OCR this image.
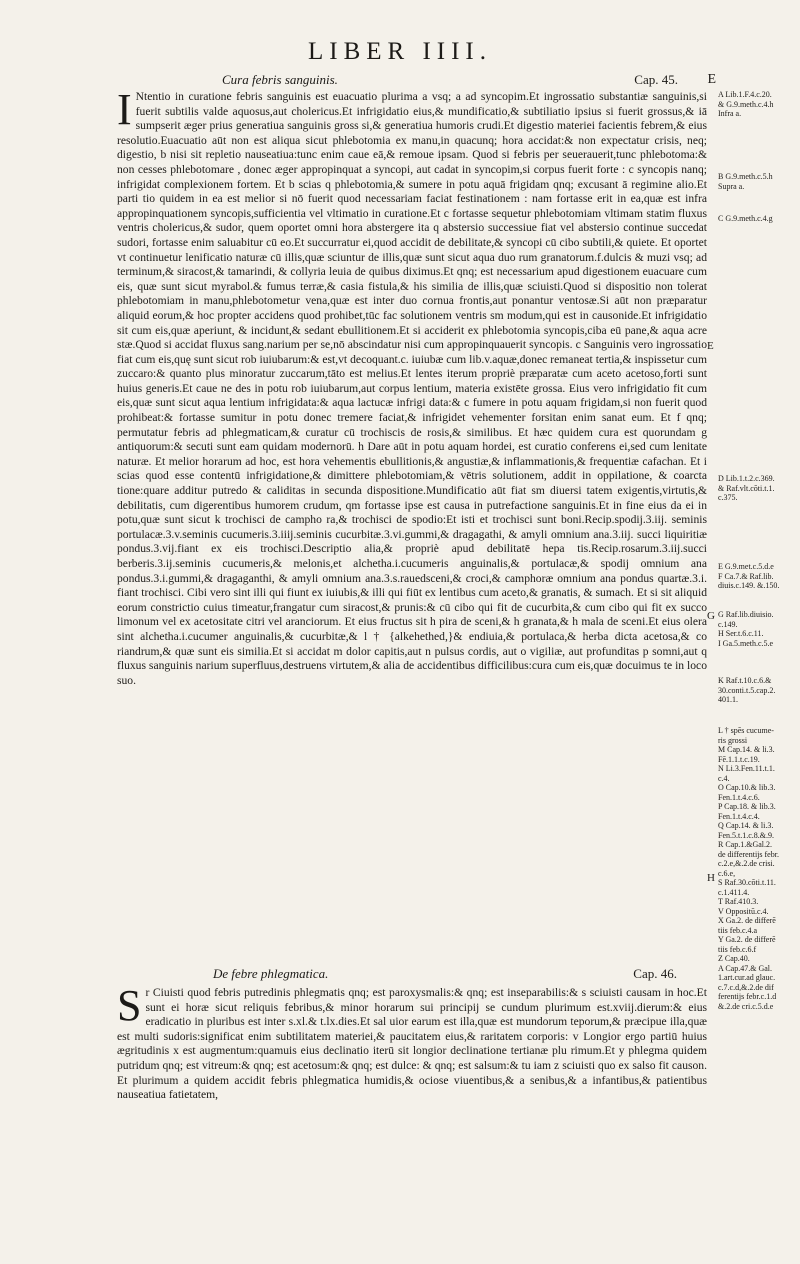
LIBER IIII.
Cura febris sanguinis.	Cap. 45. E

I Ntentio in curatione febris sanguinis est euacuatio plurima a vsq; a ad syncopim.Et ingrossatio substantiæ sanguinis,si fuerit subtilis valde aquosus,aut cholericus.Et infrigidatio eius,& mundificatio,& subtiliatio ipsius si fuerit grossus,& iā sumpserit æger prius generatiua sanguinis gross si,& generatiua humoris crudi.Et digestio materiei facientis febrem,& eius resolutio.Euacuatio aūt non est aliqua sicut phlebotomia ex manu,in quacunq; hora accidat:& non expectatur crisis, neq; digestio, b nisi sit repletio nauseatiua:tunc enim caue eā,& remoue ipsam. Quod si febris per seuerauerit,tunc phlebotoma:& non cesses phlebotomare , donec æger appropinquat a syncopi, aut cadat in syncopim,si corpus fuerit forte : c syncopis nanq; infrigidat complexionem fortem. Et b scias q phlebotomia,& sumere in potu aquā frigidam qnq; excusant ā regimine alio.Et parti tio quidem in ea est melior si nō fuerit quod necessariam faciat festinationem : nam fortasse erit in ea,quæ est infra appropinquationem syncopis,sufficientia vel vltimatio in curatione.Et c fortasse sequetur phlebotomiam vltimam statim fluxus ventris cholericus,& sudor, quem oportet omni hora abstergere ita q abstersio successiue fiat vel abstersio continue succedat sudori, fortasse enim saluabitur cū eo.Et succurratur ei,quod accidit de debilitate,& syncopi cū cibo subtili,& quiete. Et oportet vt continuetur lenificatio naturæ cū illis,quæ sciuntur de illis,quæ sunt sicut aqua duo rum granatorum.f.dulcis & muzi vsq; ad terminum,& siracost,& tamarindi, & collyria leuia de quibus diximus.Et qnq; est necessarium apud digestionem euacuare cum eis, quæ sunt sicut myrabol.& fumus terræ,& casia fistula,& his similia de illis,quæ sciuisti.Quod si dispositio non tolerat phlebotomiam in manu,phlebotometur vena,quæ est inter duo cornua frontis,aut ponantur ventosæ.Si aūt non præparatur aliquid eorum,& hoc propter accidens quod prohibet,tūc fac solutionem ventris sm modum,qui est in causonide.Et infrigidatio sit cum eis,quæ aperiunt, & incidunt,& sedant ebullitionem.Et si acciderit ex phlebotomia syncopis,ciba eū pane,& aqua acre stæ.Quod si accidat fluxus sang.narium per se,nō abscindatur nisi cum appropinquauerit syncopis. c Sanguinis vero ingrossatio fiat cum eis,quę sunt sicut rob iuiubarum:& est,vt decoquant.c. iuiubæ cum lib.v.aquæ,donec remaneat tertia,& inspissetur cum zuccaro:& quanto plus minoratur zuccarum,tāto est melius.Et lentes iterum propriè præparatæ cum aceto acetoso,forti sunt huius generis.Et caue ne des in potu rob iuiubarum,aut corpus lentium, materia existēte grossa. Eius vero infrigidatio fit cum eis,quæ sunt sicut aqua lentium infrigidata:& aqua lactucæ infrigi data:& c fumere in potu aquam frigidam,si non fuerit quod prohibeat:& fortasse sumitur in potu donec tremere faciat,& infrigidet vehementer forsitan enim sanat eum. Et f qnq; permutatur febris ad phlegmaticam,& curatur cū trochiscis de rosis,& similibus. Et hæc quidem cura est quorundam g antiquorum:& secuti sunt eam quidam modernorū. h Dare aūt in potu aquam hordei, est curatio conferens ei,sed cum lenitate naturæ. Et melior horarum ad hoc, est hora vehementis ebullitionis,& angustiæ,& inflammationis,& frequentiæ cafachan. Et i scias quod esse contentū infrigidatione,& dimittere phlebotomiam,& vētris solutionem, addit in oppilatione, & coarcta tione:quare additur putredo & caliditas in secunda dispositione.Mundificatio aūt fiat sm diuersi tatem exigentis,virtutis,& debilitatis, cum digerentibus humorem crudum, qm fortasse ipse est causa in putrefactione sanguinis.Et in fine eius da ei in potu,quæ sunt sicut k trochisci de campho ra,& trochisci de spodio:Et isti et trochisci sunt boni.Recip.spodij.3.iij. seminis portulacæ.3.v.seminis cucumeris.3.iiij.seminis cucurbitæ.3.vi.gummi,& dragagathi, & amyli omnium ana.3.iij. succi liquiritiæ pondus.3.vij.fiant ex eis trochisci.Descriptio alia,& propriè apud debilitatē hepa tis.Recip.rosarum.3.iij.succi berberis.3.ij.seminis cucumeris,& melonis,et alchetha.i.cucumeris anguinalis,& portulacæ,& spodij omnium ana pondus.3.i.gummi,& dragaganthi, & amyli omnium ana.3.s.rauedsceni,& croci,& camphoræ omnium ana pondus quartæ.3.i. fiant trochisci. Cibi vero sint illi qui fiunt ex iuiubis,& illi qui fiūt ex lentibus cum aceto,& granatis, & sumach. Et si sit aliquid eorum constrictio cuius timeatur,frangatur cum siracost,& prunis:& cū cibo qui fit de cucurbita,& cum cibo qui fit ex succo limonum vel ex acetositate citri vel aranciorum. Et eius fructus sit h pira de sceni,& h granata,& h mala de sceni.Et eius olera sint alchetha.i.cucumer anguinalis,& cucurbitæ,& l † {alkehethed,}& endiuia,& portulaca,& herba dicta acetosa,& co riandrum,& quæ sunt eis similia.Et si accidat m dolor capitis,aut n pulsus cordis, aut o vigiliæ, aut profunditas p somni,aut q fluxus sanguinis narium superfluus,destruens virtutem,& alia de accidentibus difficilibus:cura cum eis,quæ docuimus te in loco suo.

De febre phlegmatica.	Cap. 46.

Sr Ciuisti quod febris putredinis phlegmatis qnq; est paroxysmalis:& qnq; est inseparabilis:& s sciuisti causam in hoc.Et sunt ei horæ sicut reliquis febribus,& minor horarum sui principij se cundum plurimum est.xviij.dierum:& eius eradicatio in pluribus est inter s.xl.& t.lx.dies.Et sal uior earum est illa,quæ est mundorum teporum,& præcipue illa,quæ est multi sudoris:significat enim subtilitatem materiei,& paucitatem eius,& raritatem corporis: v Longior ergo partiū huius ægritudinis x est augmentum:quamuis eius declinatio iterū sit longior declinatione tertianæ plu rimum.Et y phlegma quidem putridum qnq; est vitreum:& qnq; est acetosum:& qnq; est dulce: & qnq; est salsum:& tu iam z sciuisti quo ex salso fit causon. Et plurimum a quidem accidit febris phlegmatica humidis,& ociose viuentibus,& a senibus,& a infantibus,& patientibus nauseatiua fatietatem,

E
G
H
A Lib.1.F.4.c.20.
& G.9.meth.c.4.h
Infra a.
B G.9.meth.c.5.h
Supra a.
C G.9.meth.c.4.g
D Lib.1.t.2.c.369.
& Raf.vlt.cōti.t.1.
c.375.
E G.9.met.c.5.d.e
F Ca.7.& Raf.lib.
diuis.c.149. &.150.
G Raf.lib.diuisio.
c.149.
H Ser.t.6.c.11.
I Ga.5.meth.c.5.e
K Raf.t.10.c.6.&
30.conti.t.5.cap.2.
401.1.
L † spēs cucume-
ris grossi
M Cap.14. & li.3.
Fē.1.1.t.c.19.
N Li.3.Fen.11.t.1.
c.4.
O Cap.10.& lib.3.
Fen.1.t.4.c.6.
P Cap.18. & lib.3.
Fen.1.t.4.c.4.
Q Cap.14. & li.3.
Fen.5.t.1.c.8.&.9.
R Cap.1.&Gal.2.
de differentijs febr.
c.2.e,&.2.de crisi.
c.6.e,
S Raf.30.cōti.t.11.
c.1.411.4.
T Raf.410.3.
V Oppositū.c.4.
X Ga.2. de differē
tiis feb.c.4.a
Y Ga.2. de differē
tiis feb.c.6.f
Z Cap.40.
A Cap.47.& Gal.
1.art.cur.ad glauc.
c.7.c.d,&.2.de dif
ferentijs febr.c.1.d
&.2.de cri.c.5.d.e
